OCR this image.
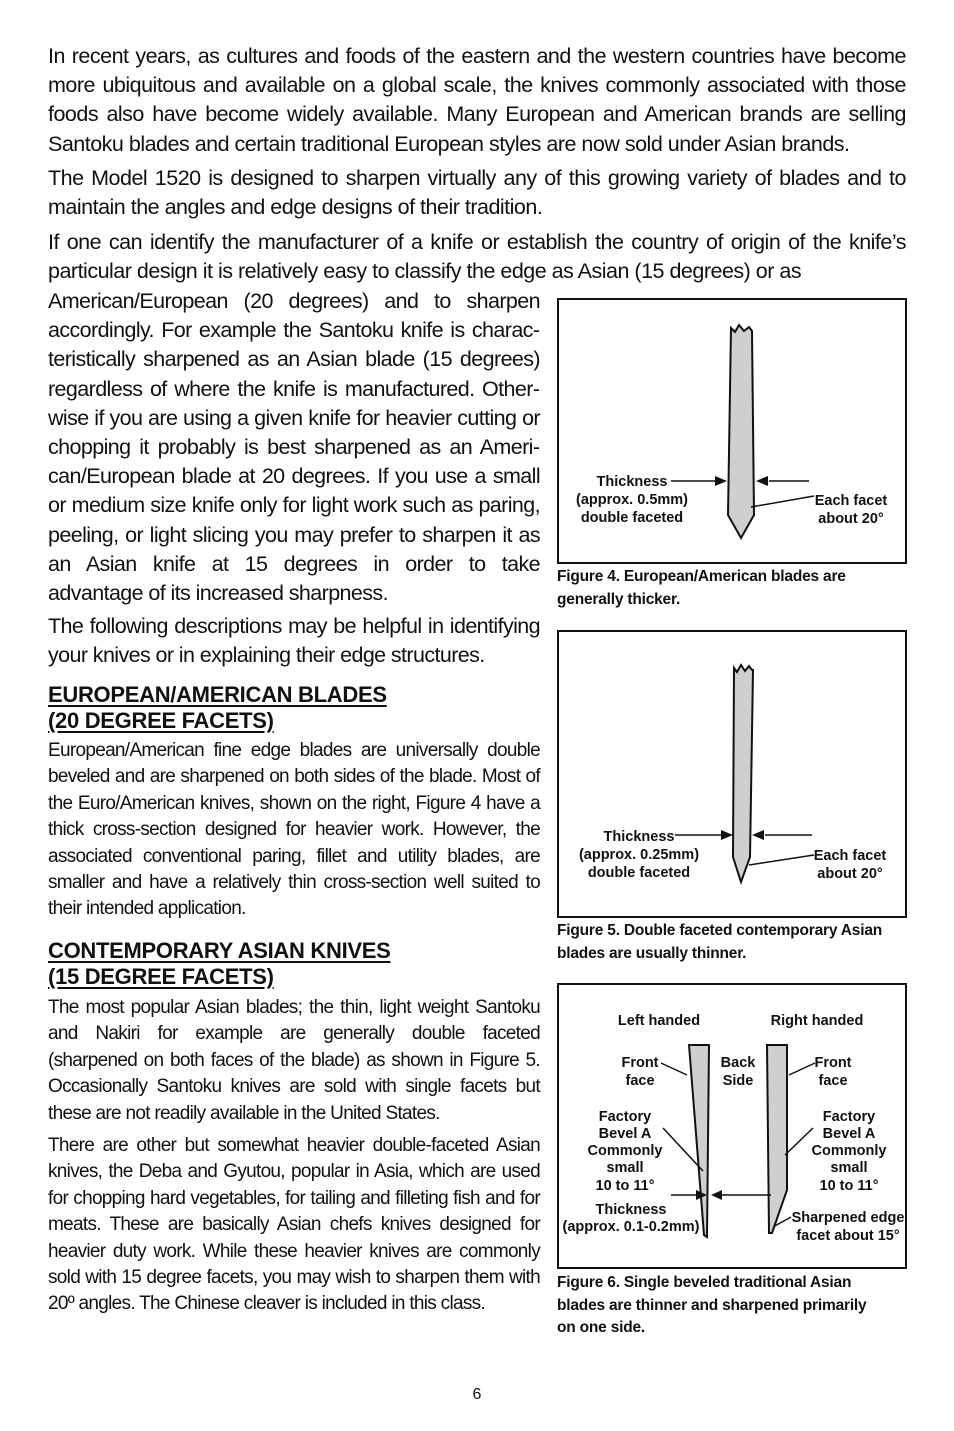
In recent years, as cultures and foods of the eastern and the western countries have become more ubiquitous and available on a global scale, the knives commonly associated with those foods also have become widely available. Many European and American brands are selling Santoku blades and certain traditional European styles are now sold under Asian brands.

The Model 1520 is designed to sharpen virtually any of this growing variety of blades and to maintain the angles and edge designs of their tradition.

If one can identify the manufacturer of a knife or establish the country of origin of the knife’s particular design it is relatively easy to classify the edge as Asian (15 degrees) or as

American/European (20 degrees) and to sharpen accordingly. For example the Santoku knife is characteristically sharpened as an Asian blade (15 degrees) regardless of where the knife is manufactured. Otherwise if you are using a given knife for heavier cutting or chopping it probably is best sharpened as an American/European blade at 20 degrees. If you use a small or medium size knife only for light work such as paring, peeling, or light slicing you may prefer to sharpen it as an Asian knife at 15 degrees in order to take advantage of its increased sharpness.

The following descriptions may be helpful in identifying your knives or in explaining their edge structures.

EUROPEAN/AMERICAN BLADES
(20 DEGREE FACETS)

European/American fine edge blades are universally double beveled and are sharpened on both sides of the blade. Most of the Euro/American knives, shown on the right, Figure 4 have a thick cross-section designed for heavier work. However, the associated conventional paring, fillet and utility blades, are smaller and have a relatively thin cross-section well suited to their intended application.

CONTEMPORARY ASIAN KNIVES
(15 DEGREE FACETS)

The most popular Asian blades; the thin, light weight Santoku and Nakiri for example are generally double faceted (sharpened on both faces of the blade) as shown in Figure 5. Occasionally Santoku knives are sold with single facets but these are not readily available in the United States.

There are other but somewhat heavier double-faceted Asian knives, the Deba and Gyutou, popular in Asia, which are used for chopping hard vegetables, for tailing and filleting fish and for meats. These are basically Asian chefs knives designed for heavier duty work. While these heavier knives are commonly sold with 15 degree facets, you may wish to sharpen them with 20º angles. The Chinese cleaver is included in this class.

Thickness
(approx. 0.5mm)
double faceted
Each facet
about 20°

Figure 4. European/American blades are
generally thicker.

Thickness
(approx. 0.25mm)
double faceted
Each facet
about 20°

Figure 5. Double faceted contemporary Asian
blades are usually thinner.

Left handed	Right handed
Front
face
Back
Side
Front
face
Factory
Bevel A
Commonly
small
10 to 11°
Factory
Bevel A
Commonly
small
10 to 11°
Thickness
(approx. 0.1-0.2mm)
Sharpened edge
facet about 15°

Figure 6. Single beveled traditional Asian
blades are thinner and sharpened primarily
on one side.

6
